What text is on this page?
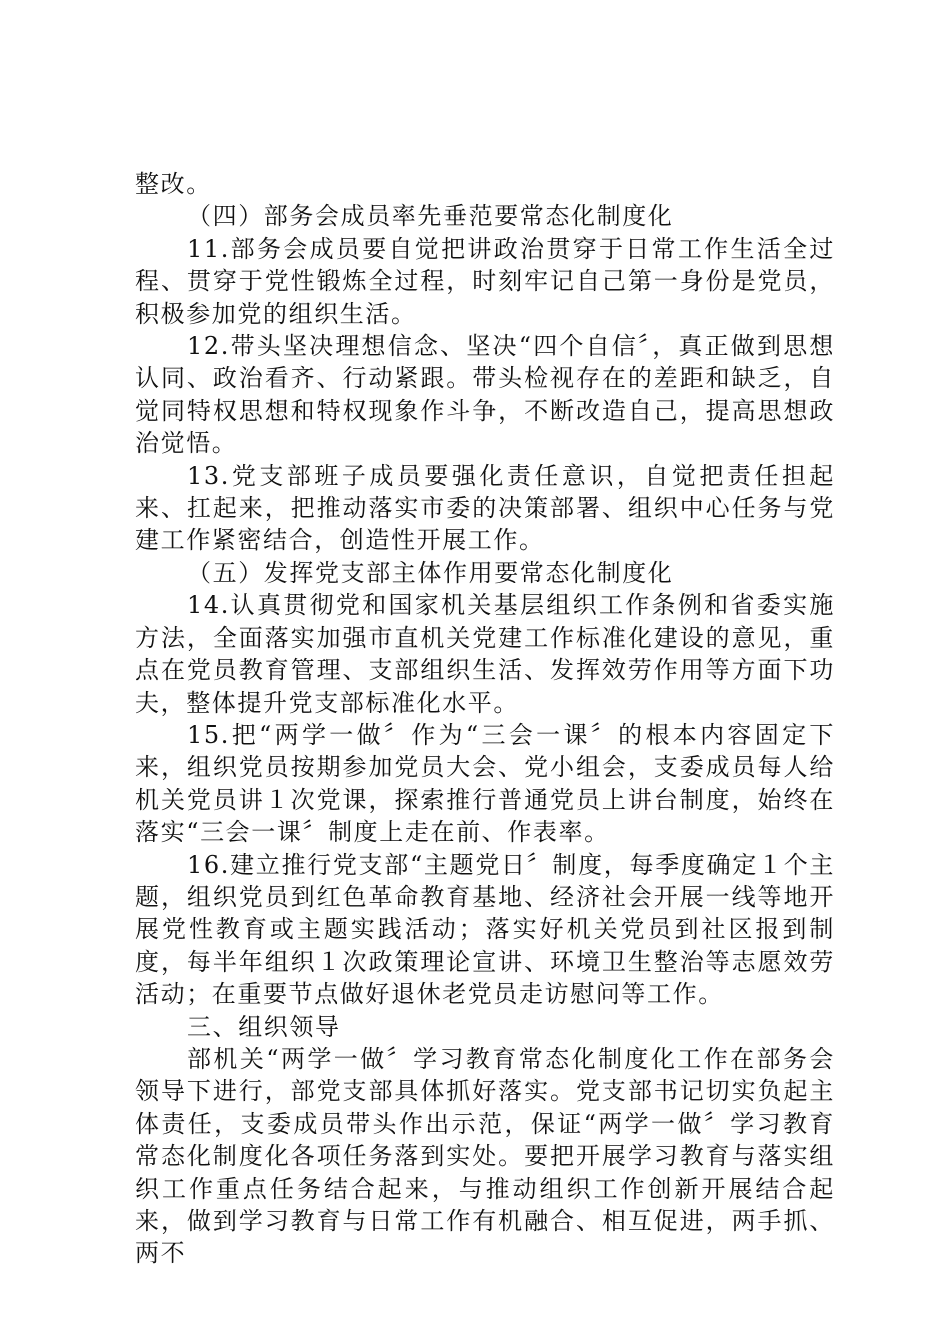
整改。

（四）部务会成员率先垂范要常态化制度化

11.部务会成员要自觉把讲政治贯穿于日常工作生活全过程、贯穿于党性锻炼全过程，时刻牢记自己第一身份是党员，积极参加党的组织生活。

12.带头坚决理想信念、坚决“四个自信〞，真正做到思想认同、政治看齐、行动紧跟。带头检视存在的差距和缺乏，自觉同特权思想和特权现象作斗争，不断改造自己，提高思想政治觉悟。

13.党支部班子成员要强化责任意识，自觉把责任担起来、扛起来，把推动落实市委的决策部署、组织中心任务与党建工作紧密结合，创造性开展工作。

（五）发挥党支部主体作用要常态化制度化

14.认真贯彻党和国家机关基层组织工作条例和省委实施方法，全面落实加强市直机关党建工作标准化建设的意见，重点在党员教育管理、支部组织生活、发挥效劳作用等方面下功夫，整体提升党支部标准化水平。

15.把“两学一做〞作为“三会一课〞的根本内容固定下来，组织党员按期参加党员大会、党小组会，支委成员每人给机关党员讲１次党课，探索推行普通党员上讲台制度，始终在落实“三会一课〞制度上走在前、作表率。

16.建立推行党支部“主题党日〞制度，每季度确定１个主题，组织党员到红色革命教育基地、经济社会开展一线等地开展党性教育或主题实践活动；落实好机关党员到社区报到制度，每半年组织１次政策理论宣讲、环境卫生整治等志愿效劳活动；在重要节点做好退休老党员走访慰问等工作。

三、组织领导

部机关“两学一做〞学习教育常态化制度化工作在部务会领导下进行，部党支部具体抓好落实。党支部书记切实负起主体责任，支委成员带头作出示范，保证“两学一做〞学习教育常态化制度化各项任务落到实处。要把开展学习教育与落实组织工作重点任务结合起来，与推动组织工作创新开展结合起来，做到学习教育与日常工作有机融合、相互促进，两手抓、两不
